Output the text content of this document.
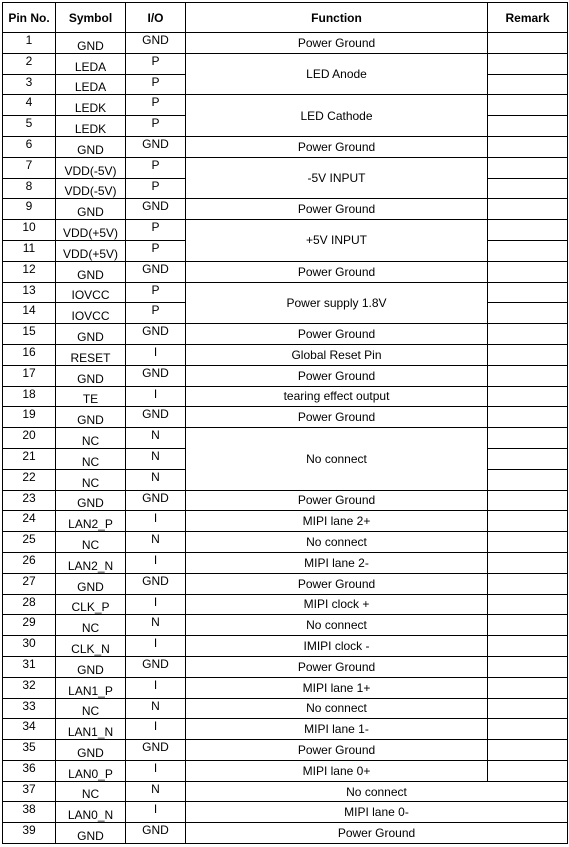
Pin No.	Symbol	I/O	Function	Remark
1	GND	GND	Power Ground	
2	LEDA	P	LED Anode	
3	LEDA	P		
4	LEDK	P	LED Cathode	
5	LEDK	P		
6	GND	GND	Power Ground	
7	VDD(-5V)	P	-5V INPUT	
8	VDD(-5V)	P		
9	GND	GND	Power Ground	
10	VDD(+5V)	P	+5V INPUT	
11	VDD(+5V)	P		
12	GND	GND	Power Ground	
13	IOVCC	P	Power supply 1.8V	
14	IOVCC	P		
15	GND	GND	Power Ground	
16	RESET	I	Global Reset Pin	
17	GND	GND	Power Ground	
18	TE	I	tearing effect output	
19	GND	GND	Power Ground	
20	NC	N	No connect	
21	NC	N		
22	NC	N		
23	GND	GND	Power Ground	
24	LAN2_P	I	MIPI lane 2+	
25	NC	N	No connect	
26	LAN2_N	I	MIPI lane 2-	
27	GND	GND	Power Ground	
28	CLK_P	I	MIPI clock +	
29	NC	N	No connect	
30	CLK_N	I	IMIPI clock -	
31	GND	GND	Power Ground	
32	LAN1_P	I	MIPI lane 1+	
33	NC	N	No connect	
34	LAN1_N	I	MIPI lane 1-	
35	GND	GND	Power Ground	
36	LAN0_P	I	MIPI lane 0+	
37	NC	N	No connect	
38	LAN0_N	I	MIPI lane 0-	
39	GND	GND	Power Ground	
